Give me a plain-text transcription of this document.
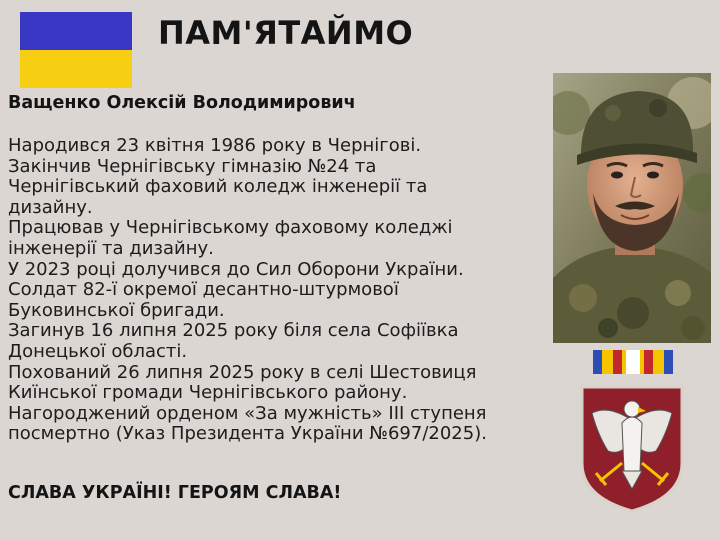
ПАМ'ЯТАЙМО
Ващенко Олексій Володимирович
Народився 23 квітня 1986 року в Чернігові.
Закінчив Чернігівську гімназію №24 та
Чернігівський фаховий коледж інженерії та
дизайну.
Працював у Чернігівському фаховому коледжі
інженерії та дизайну.
У 2023 році долучився до Сил Оборони України.
Солдат 82-ї окремої десантно-штурмової
Буковинської бригади.
Загинув 16 липня 2025 року біля села Софіївка
Донецької області.
Похований 26 липня 2025 року в селі Шестовиця
Киїнської громади Чернігівського району.
Нагороджений орденом «За мужність» ІІІ ступеня
посмертно (Указ Президента України №697/2025).
СЛАВА УКРАЇНІ! ГЕРОЯМ СЛАВА!
